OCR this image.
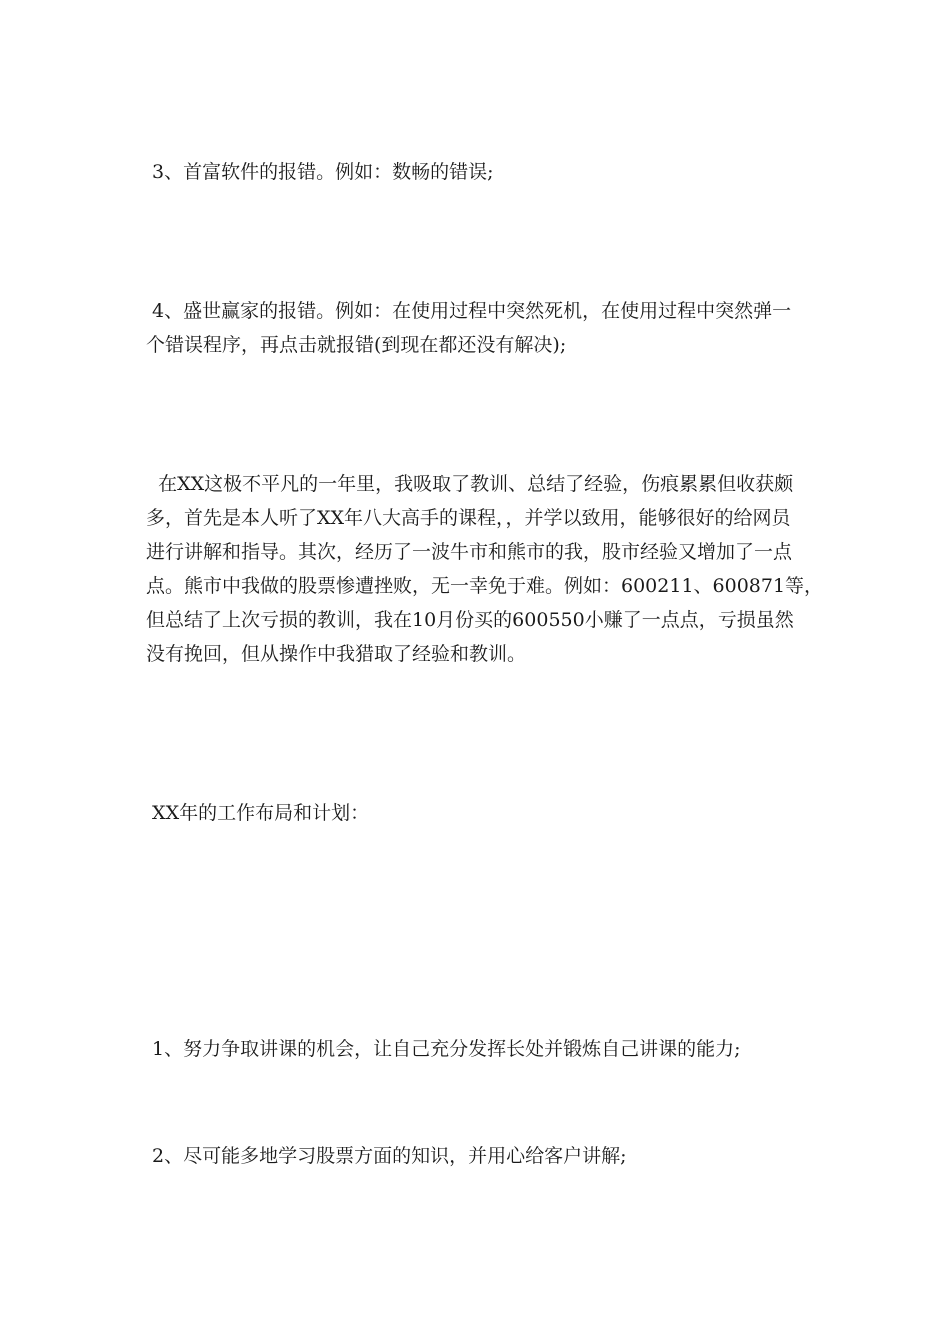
3、首富软件的报错。例如：数畅的错误;

4、盛世赢家的报错。例如：在使用过程中突然死机，在使用过程中突然弹一
个错误程序，再点击就报错(到现在都还没有解决);

在XX这极不平凡的一年里，我吸取了教训、总结了经验，伤痕累累但收获颇
多，首先是本人听了XX年八大高手的课程，，并学以致用，能够很好的给网员
进行讲解和指导。其次，经历了一波牛市和熊市的我，股市经验又增加了一点
点。熊市中我做的股票惨遭挫败，无一幸免于难。例如：600211、600871等，
但总结了上次亏损的教训，我在10月份买的600550小赚了一点点，亏损虽然
没有挽回，但从操作中我猎取了经验和教训。

XX年的工作布局和计划：

1、努力争取讲课的机会，让自己充分发挥长处并锻炼自己讲课的能力;

2、尽可能多地学习股票方面的知识，并用心给客户讲解;
